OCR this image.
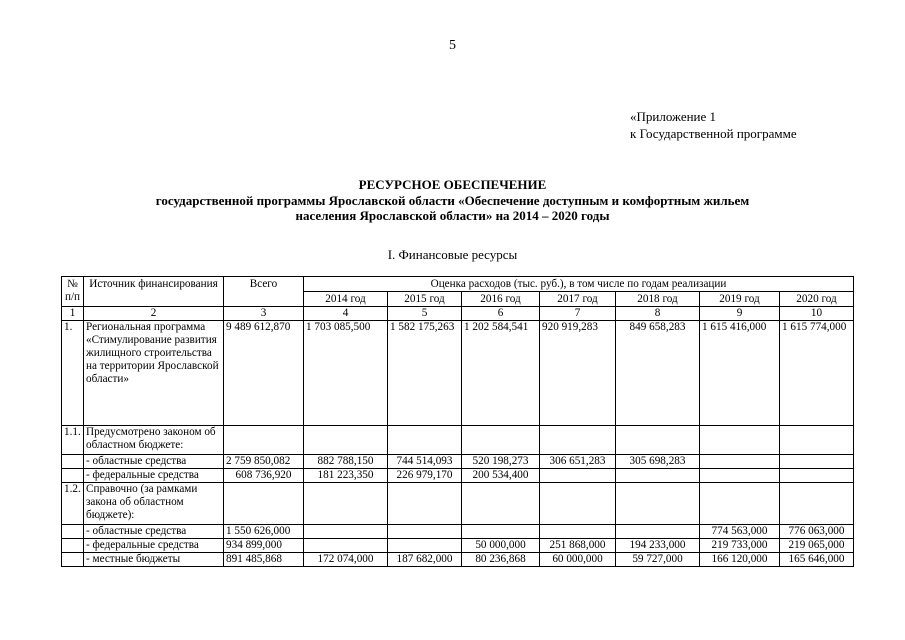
5
«Приложение 1
к Государственной программе
РЕСУРСНОЕ ОБЕСПЕЧЕНИЕ
государственной программы Ярославской области «Обеспечение доступным и комфортным жильем
населения Ярославской области» на 2014 – 2020 годы
I. Финансовые ресурсы
№ п/п	Источник финансирования	Всего	Оценка расходов (тыс. руб.), в том числе по годам реализации						
			2014 год	2015 год	2016 год	2017 год	2018 год	2019 год	2020 год
1	2	3	4	5	6	7	8	9	10
1.	Региональная программа «Стимулирование развития жилищного строительства на территории Ярославской области»	9 489 612,870	1 703 085,500	1 582 175,263	1 202 584,541	920 919,283	849 658,283	1 615 416,000	1 615 774,000
1.1.	Предусмотрено законом об областном бюджете:								
	- областные средства	2 759 850,082	882 788,150	744 514,093	520 198,273	306 651,283	305 698,283		
	- федеральные средства	608 736,920	181 223,350	226 979,170	200 534,400				
1.2.	Справочно (за рамками закона об областном бюджете):								
	- областные средства	1 550 626,000						774 563,000	776 063,000
	- федеральные средства	934 899,000			50 000,000	251 868,000	194 233,000	219 733,000	219 065,000
	- местные бюджеты	891 485,868	172 074,000	187 682,000	80 236,868	60 000,000	59 727,000	166 120,000	165 646,000
